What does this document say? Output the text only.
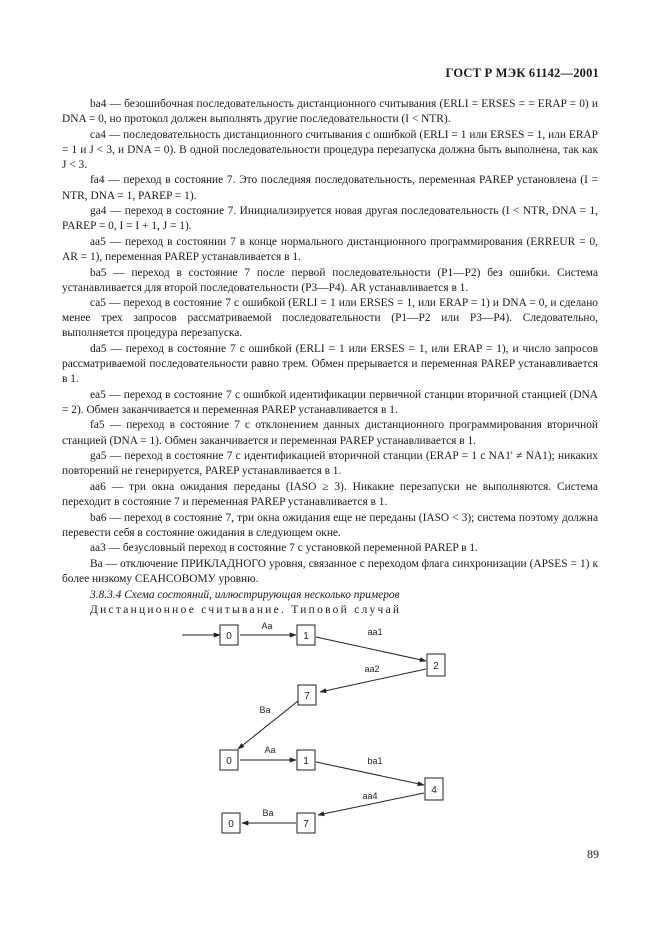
ГОСТ Р МЭК 61142—2001

ba4 — безошибочная последовательность дистанционного считывания (ERLI = ERSES = = ERAP = 0) и DNA = 0, но протокол должен выполнять другие последовательности (I < NTR).

са4 — последовательность дистанционного считывания с ошибкой (ERLI = 1 или ERSES = 1, или ERAP = 1 и J < 3, и DNA = 0). В одной последовательности процедура перезапуска должна быть выполнена, так как J < 3.

fa4 — переход в состояние 7. Это последняя последовательность, переменная PAREP установлена (I = NTR, DNA = 1, PAREP = 1).

ga4 — переход в состояние 7. Инициализируется новая другая последовательность (I < NTR, DNA = 1, PAREP = 0, I = I + 1, J = 1).

aa5 — переход в состоянии 7 в конце нормального дистанционного программирования (ERREUR = 0, AR = 1), переменная PAREP устанавливается в 1.

ba5 — переход в состояние 7 после первой последовательности (P1—P2) без ошибки. Система устанавливается для второй последовательности (P3—P4). AR устанавливается в 1.

са5 — переход в состояние 7 с ошибкой (ERLI = 1 или ERSES = 1, или ERAP = 1) и DNA = 0, и сделано менее трех запросов рассматриваемой последовательности (P1—P2 или P3—P4). Следовательно, выполняется процедура перезапуска.

da5 — переход в состояние 7 с ошибкой (ERLI = 1 или ERSES = 1, или ERAP = 1), и число запросов рассматриваемой последовательности равно трем. Обмен прерывается и переменная PAREP устанавливается в 1.

ea5 — переход в состояние 7 с ошибкой идентификации первичной станции вторичной станцией (DNA = 2). Обмен заканчивается и переменная PAREP устанавливается в 1.

fa5 — переход в состояние 7 с отклонением данных дистанционного программирования вторичной станцией (DNA = 1). Обмен заканчивается и переменная PAREP устанавливается в 1.

ga5 — переход в состояние 7 с идентификацией вторичной станции (ERAP = 1 с NA1' ≠ NA1); никаких повторений не генерируется, PAREP устанавливается в 1.

aa6 — три окна ожидания переданы (IASO ≥ 3). Никакие перезапуски не выполняются. Система переходит в состояние 7 и переменная PAREP устанавливается в 1.

ba6 — переход в состояние 7, три окна ожидания еще не переданы (IASO < 3); система поэтому должна перевести себя в состояние ожидания в следующем окне.

aa3 — безусловный переход в состояние 7 с установкой переменной PAREP в 1.

Ва — отключение ПРИКЛАДНОГО уровня, связанное с переходом флага синхронизации (APSES = 1) к более низкому СЕАНСОВОМУ уровню.

3.8.3.4 Схема состояний, иллюстрирующая несколько примеров

Дистанционное считывание. Типовой случай

0	1
2
7
0	1
4
0	7
Aa
aa1
aa2
Ba
Aa
ba1
aa4
Ba
89
